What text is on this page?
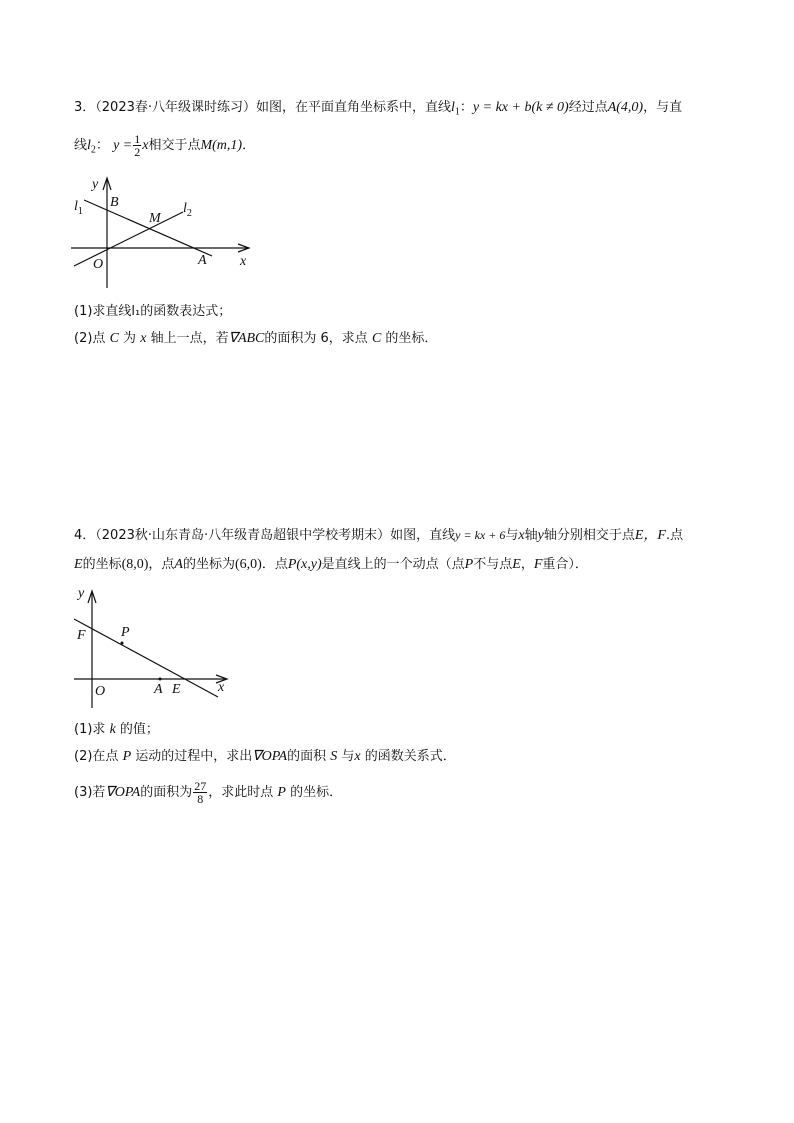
3．（2023春·八年级课时练习）如图，在平面直角坐标系中，直线$l_1$：y = kx + b(k ≠ 0)经过点A(4,0)，与直
线$l_2$： $y = \frac{1}{2}$ x相交于点M(m,1)．
y
x
O
B
M
A
$l_1$	$l_2$
(1)求直线l₁的函数表达式；
(2)点 C 为 x 轴上一点，若∇ABC的面积为 6，求点 C 的坐标．
4．（2023秋·山东青岛·八年级青岛超银中学校考期末）如图，直线y = kx + 6与x轴y轴分别相交于点E，F.点
E的坐标(8,0)，点A的坐标为(6,0)．点P(x,y)是直线上的一个动点（点P不与点E，F重合）．
y
x
O
F	P
A E
(1)求 k 的值；
(2)在点 P 运动的过程中，求出∇OPA的面积 S 与x 的函数关系式．
(3)若∇OPA的面积为 $\frac{27}{8}$ ，求此时点 P 的坐标．
